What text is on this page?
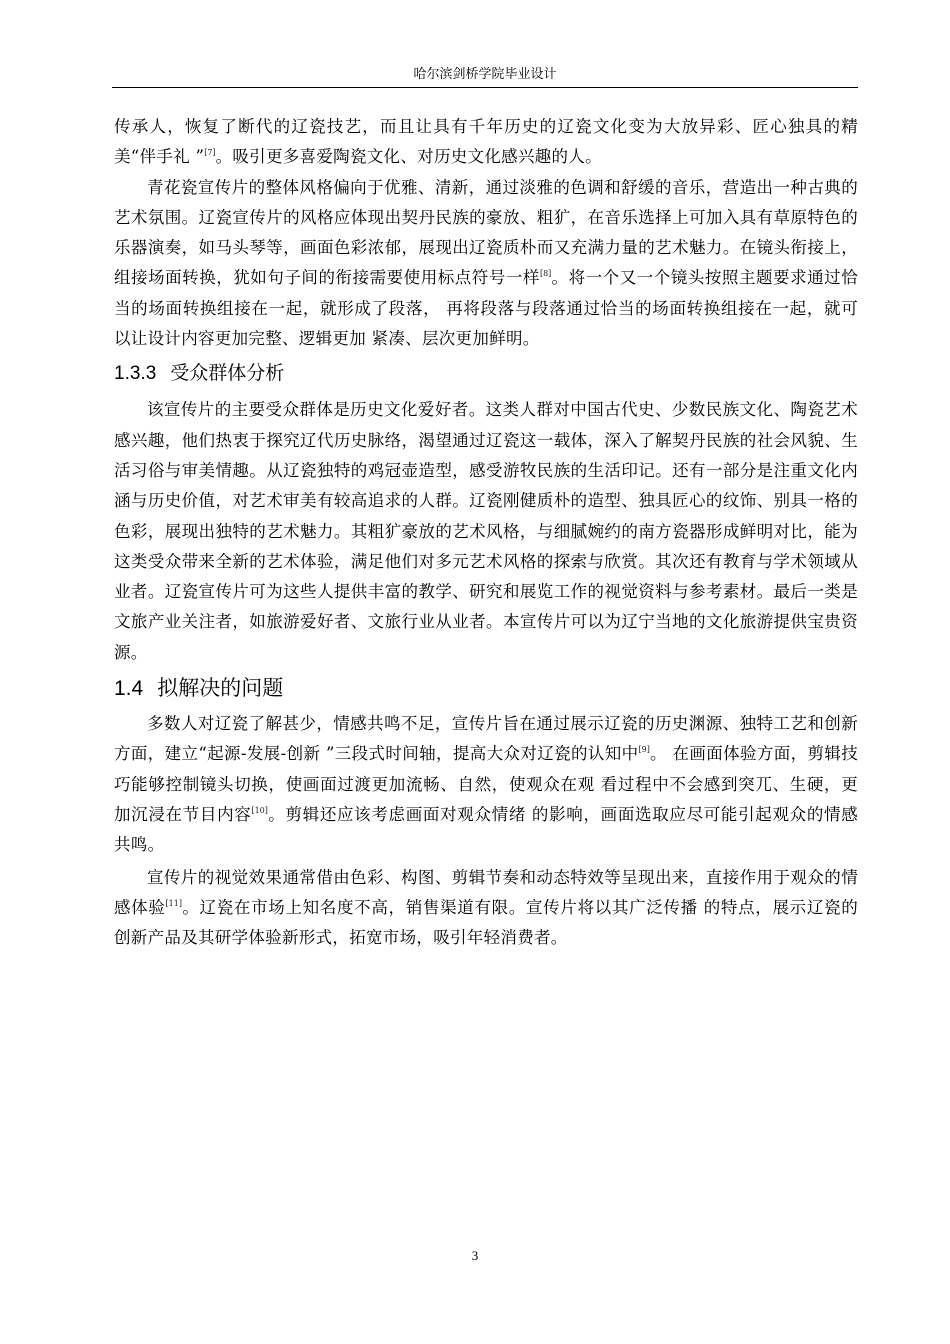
哈尔滨剑桥学院毕业设计

传承人，恢复了断代的辽瓷技艺，而且让具有千年历史的辽瓷文化变为大放异彩、匠心独具的精美“伴手礼 ”[7]。吸引更多喜爱陶瓷文化、对历史文化感兴趣的人。

青花瓷宣传片的整体风格偏向于优雅、清新，通过淡雅的色调和舒缓的音乐，营造出一种古典的艺术氛围。辽瓷宣传片的风格应体现出契丹民族的豪放、粗犷，在音乐选择上可加入具有草原特色的乐器演奏，如马头琴等，画面色彩浓郁，展现出辽瓷质朴而又充满力量的艺术魅力。在镜头衔接上，组接场面转换，犹如句子间的衔接需要使用标点符号一样[8]。将一个又一个镜头按照主题要求通过恰当的场面转换组接在一起，就形成了段落， 再将段落与段落通过恰当的场面转换组接在一起，就可以让设计内容更加完整、逻辑更加 紧凑、层次更加鲜明。

1.3.3 受众群体分析

该宣传片的主要受众群体是历史文化爱好者。这类人群对中国古代史、少数民族文化、陶瓷艺术感兴趣，他们热衷于探究辽代历史脉络，渴望通过辽瓷这一载体，深入了解契丹民族的社会风貌、生活习俗与审美情趣。从辽瓷独特的鸡冠壶造型，感受游牧民族的生活印记。还有一部分是注重文化内涵与历史价值，对艺术审美有较高追求的人群。辽瓷刚健质朴的造型、独具匠心的纹饰、别具一格的色彩，展现出独特的艺术魅力。其粗犷豪放的艺术风格，与细腻婉约的南方瓷器形成鲜明对比，能为这类受众带来全新的艺术体验，满足他们对多元艺术风格的探索与欣赏。其次还有教育与学术领域从业者。辽瓷宣传片可为这些人提供丰富的教学、研究和展览工作的视觉资料与参考素材。最后一类是文旅产业关注者，如旅游爱好者、文旅行业从业者。本宣传片可以为辽宁当地的文化旅游提供宝贵资源。

1.4 拟解决的问题

多数人对辽瓷了解甚少，情感共鸣不足，宣传片旨在通过展示辽瓷的历史渊源、独特工艺和创新方面，建立“起源-发展-创新 ”三段式时间轴，提高大众对辽瓷的认知中[9]。 在画面体验方面，剪辑技巧能够控制镜头切换，使画面过渡更加流畅、自然，使观众在观 看过程中不会感到突兀、生硬，更加沉浸在节目内容[10]。剪辑还应该考虑画面对观众情绪 的影响，画面选取应尽可能引起观众的情感共鸣。

宣传片的视觉效果通常借由色彩、构图、剪辑节奏和动态特效等呈现出来，直接作用于观众的情感体验[11]。辽瓷在市场上知名度不高，销售渠道有限。宣传片将以其广泛传播 的特点，展示辽瓷的创新产品及其研学体验新形式，拓宽市场，吸引年轻消费者。

3
